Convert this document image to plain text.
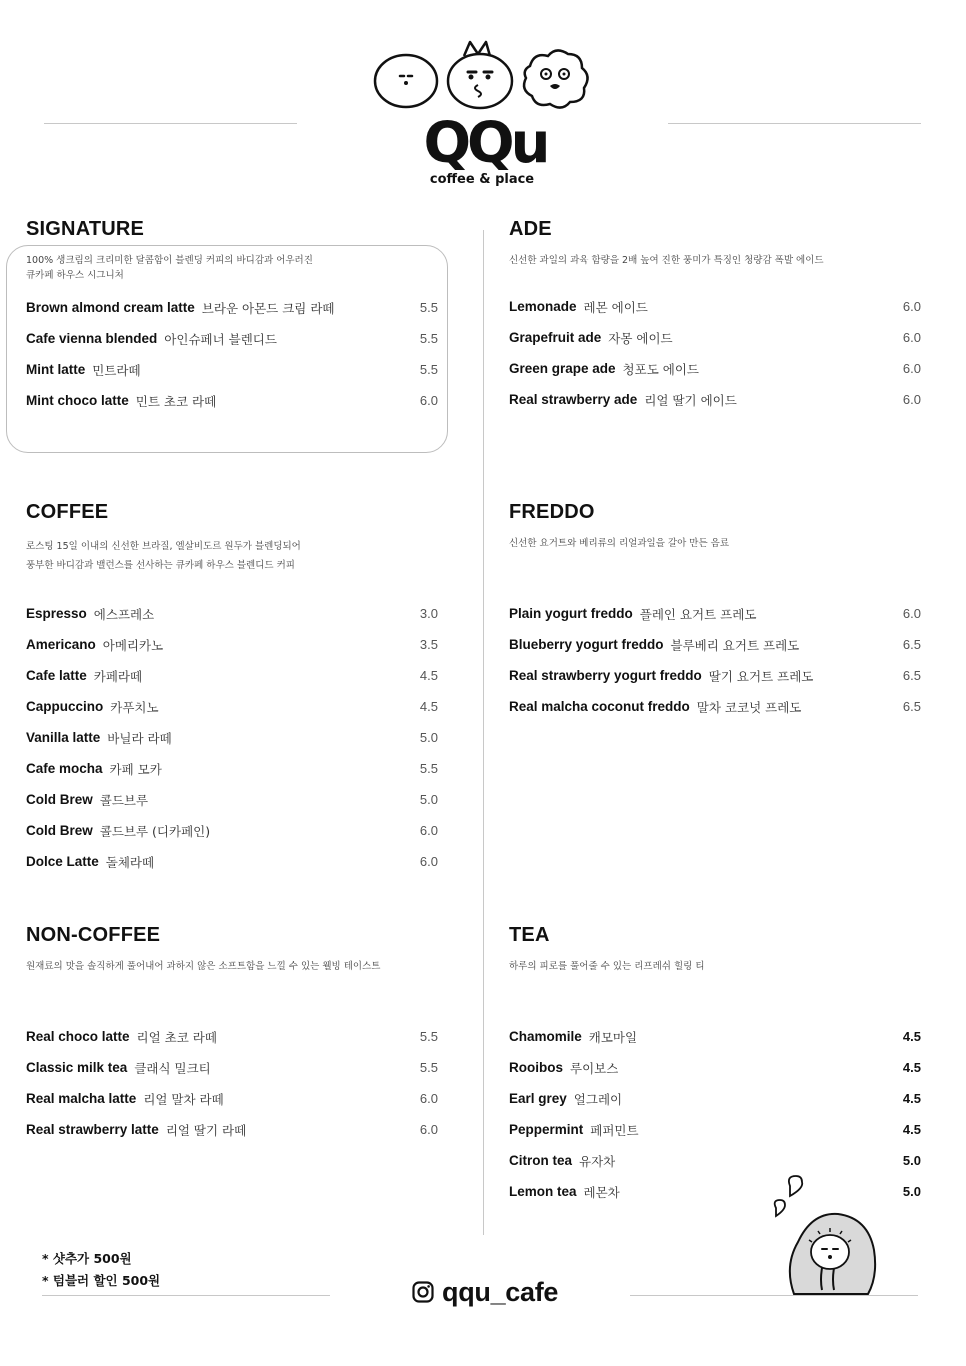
QQu
coffee & place
SIGNATURE
100% 생크림의 크리미한 달콤함이 블렌딩 커피의 바디감과 어우러진
큐카페 하우스 시그니처
Brown almond cream latte 브라운 아몬드 크림 라떼	5.5
Cafe vienna blended 아인슈페너 블렌디드	5.5
Mint latte 민트라떼	5.5
Mint choco latte 민트 초코 라떼	6.0
ADE
신선한 과일의 과육 함량을 2배 높여 진한 풍미가 특징인 청량감 폭발 에이드
Lemonade 레몬 에이드	6.0
Grapefruit ade 자몽 에이드	6.0
Green grape ade 청포도 에이드	6.0
Real strawberry ade 리얼 딸기 에이드	6.0
COFFEE
로스팅 15일 이내의 신선한 브라질, 엘살비도르 원두가 블렌딩되어
풍부한 바디감과 밸런스를 선사하는 큐카페 하우스 블렌디드 커피
Espresso 에스프레소	3.0
Americano 아메리카노	3.5
Cafe latte 카페라떼	4.5
Cappuccino 카푸치노	4.5
Vanilla latte 바닐라 라떼	5.0
Cafe mocha 카페 모카	5.5
Cold Brew 콜드브루	5.0
Cold Brew 콜드브루 (디카페인)	6.0
Dolce Latte 돌체라떼	6.0
FREDDO
신선한 요거트와 베리류의 리얼과일을 갈아 만든 음료
Plain yogurt freddo 플레인 요거트 프레도	6.0
Blueberry yogurt freddo 블루베리 요거트 프레도	6.5
Real strawberry yogurt freddo 딸기 요거트 프레도	6.5
Real malcha coconut freddo 말차 코코넛 프레도	6.5
NON-COFFEE
원재료의 맛을 솔직하게 풀어내어 과하지 않은 소프트함을 느낄 수 있는 웰빙 테이스트
Real choco latte 리얼 초코 라떼	5.5
Classic milk tea 클래식 밀크티	5.5
Real malcha latte 리얼 말차 라떼	6.0
Real strawberry latte 리얼 딸기 라떼	6.0
TEA
하루의 피로를 풀어줄 수 있는 리프레쉬 힐링 티
Chamomile 캐모마일	4.5
Rooibos 루이보스	4.5
Earl grey 얼그레이	4.5
Peppermint 페퍼민트	4.5
Citron tea 유자차	5.0
Lemon tea 레몬차	5.0
* 샷추가 500원
* 텀블러 할인 500원	qqu_cafe
